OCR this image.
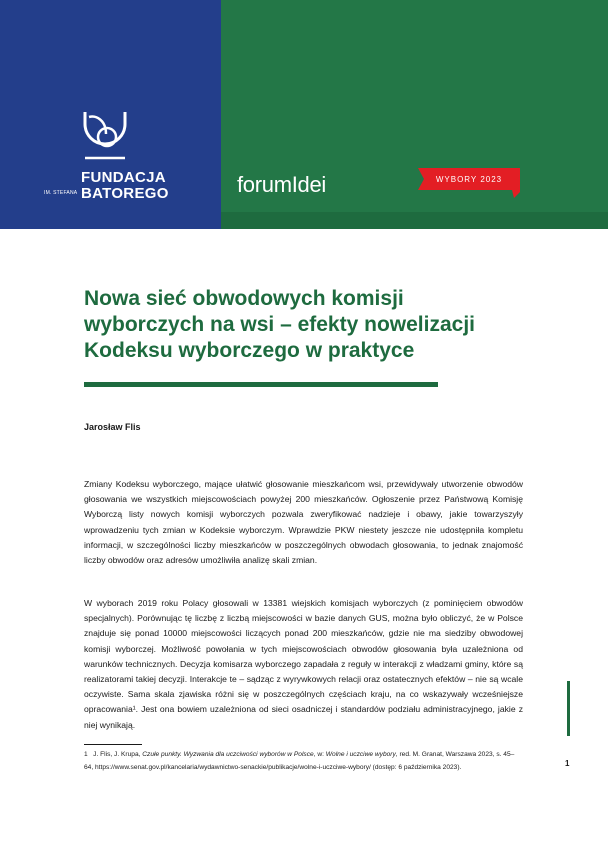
IM. STEFANA
FUNDACJA
BATOREGO	forumIdei	WYBORY 2023
Nowa sieć obwodowych komisji wyborczych na wsi – efekty nowelizacji Kodeksu wyborczego w praktyce
Jarosław Flis

Zmiany Kodeksu wyborczego, mające ułatwić głosowanie mieszkańcom wsi, przewidywały utworzenie obwodów głosowania we wszystkich miejscowościach powyżej 200 mieszkańców. Ogłoszenie przez Państwową Komisję Wyborczą listy nowych komisji wyborczych pozwala zweryfikować nadzieje i obawy, jakie towarzyszyły wprowadzeniu tych zmian w Kodeksie wyborczym. Wprawdzie PKW niestety jeszcze nie udostępniła kompletu informacji, w szczególności liczby mieszkańców w poszczególnych obwodach głosowania, to jednak znajomość liczby obwodów oraz adresów umożliwiła analizę skali zmian.

W wyborach 2019 roku Polacy głosowali w 13381 wiejskich komisjach wyborczych (z pominięciem obwodów specjalnych). Porównując tę liczbę z liczbą miejscowości w bazie danych GUS, można było obliczyć, że w Polsce znajduje się ponad 10000 miejscowości liczących ponad 200 mieszkańców, gdzie nie ma siedziby obwodowej komisji wyborczej. Możliwość powołania w tych miejscowościach obwodów głosowania była uzależniona od warunków technicznych. Decyzja komisarza wyborczego zapadała z reguły w interakcji z władzami gminy, które są realizatorami takiej decyzji. Interakcje te – sądząc z wyrywkowych relacji oraz ostatecznych efektów – nie są wcale oczywiste. Sama skala zjawiska różni się w poszczególnych częściach kraju, na co wskazywały wcześniejsze opracowania¹. Jest ona bowiem uzależniona od sieci osadniczej i standardów podziału administracyjnego, jakie z niej wynikają.

1 J. Flis, J. Krupa, Czułe punkty. Wyzwania dla uczciwości wyborów w Polsce, w: Wolne i uczciwe wybory, red. M. Granat, Warszawa 2023, s. 45–64, https://www.senat.gov.pl/kancelaria/wydawnictwo-senackie/publikacje/wolne-i-uczciwe-wybory/ (dostęp: 6 października 2023).	1
